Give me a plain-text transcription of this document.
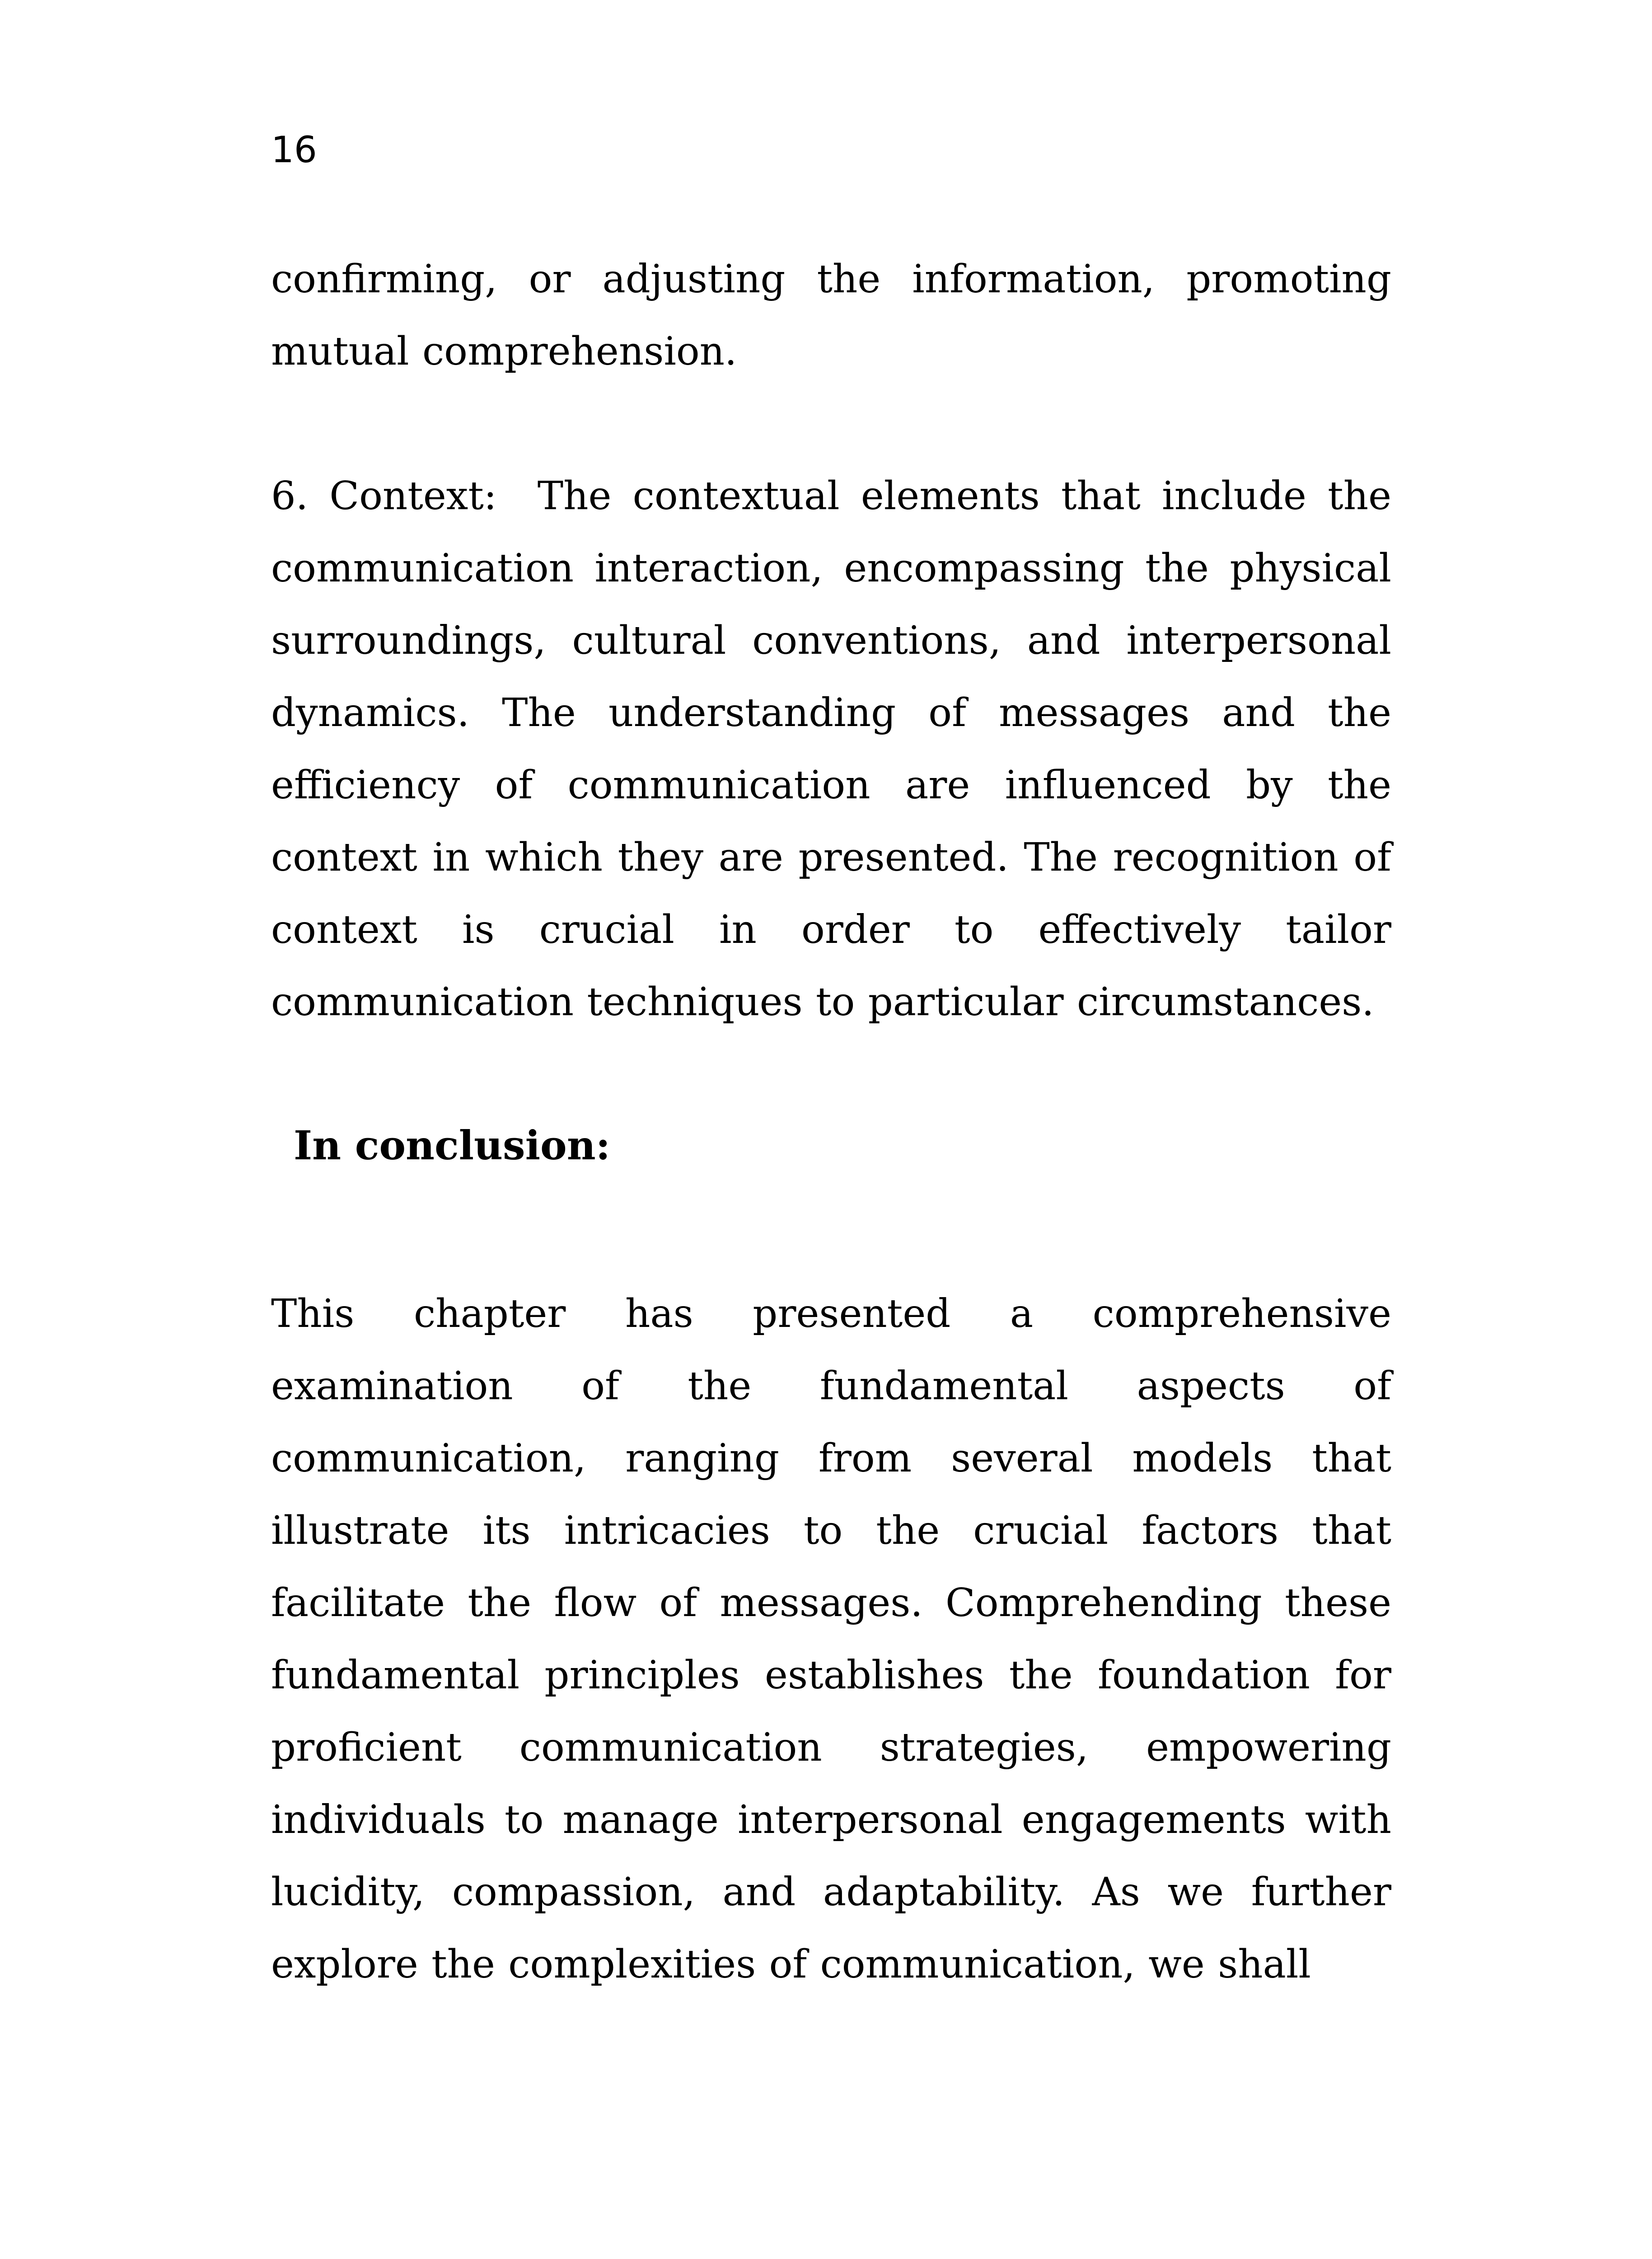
16

confirming, or adjusting the information, promoting mutual comprehension.

6. Context: The contextual elements that include the communication interaction, encompassing the physical surroundings, cultural conventions, and interpersonal dynamics. The understanding of messages and the efficiency of communication are influenced by the context in which they are presented. The recognition of context is crucial in order to effectively tailor communication techniques to particular circumstances.

In conclusion:

This chapter has presented a comprehensive examination of the fundamental aspects of communication, ranging from several models that illustrate its intricacies to the crucial factors that facilitate the flow of messages. Comprehending these fundamental principles establishes the foundation for proficient communication strategies, empowering individuals to manage interpersonal engagements with lucidity, compassion, and adaptability. As we further explore the complexities of communication, we shall
